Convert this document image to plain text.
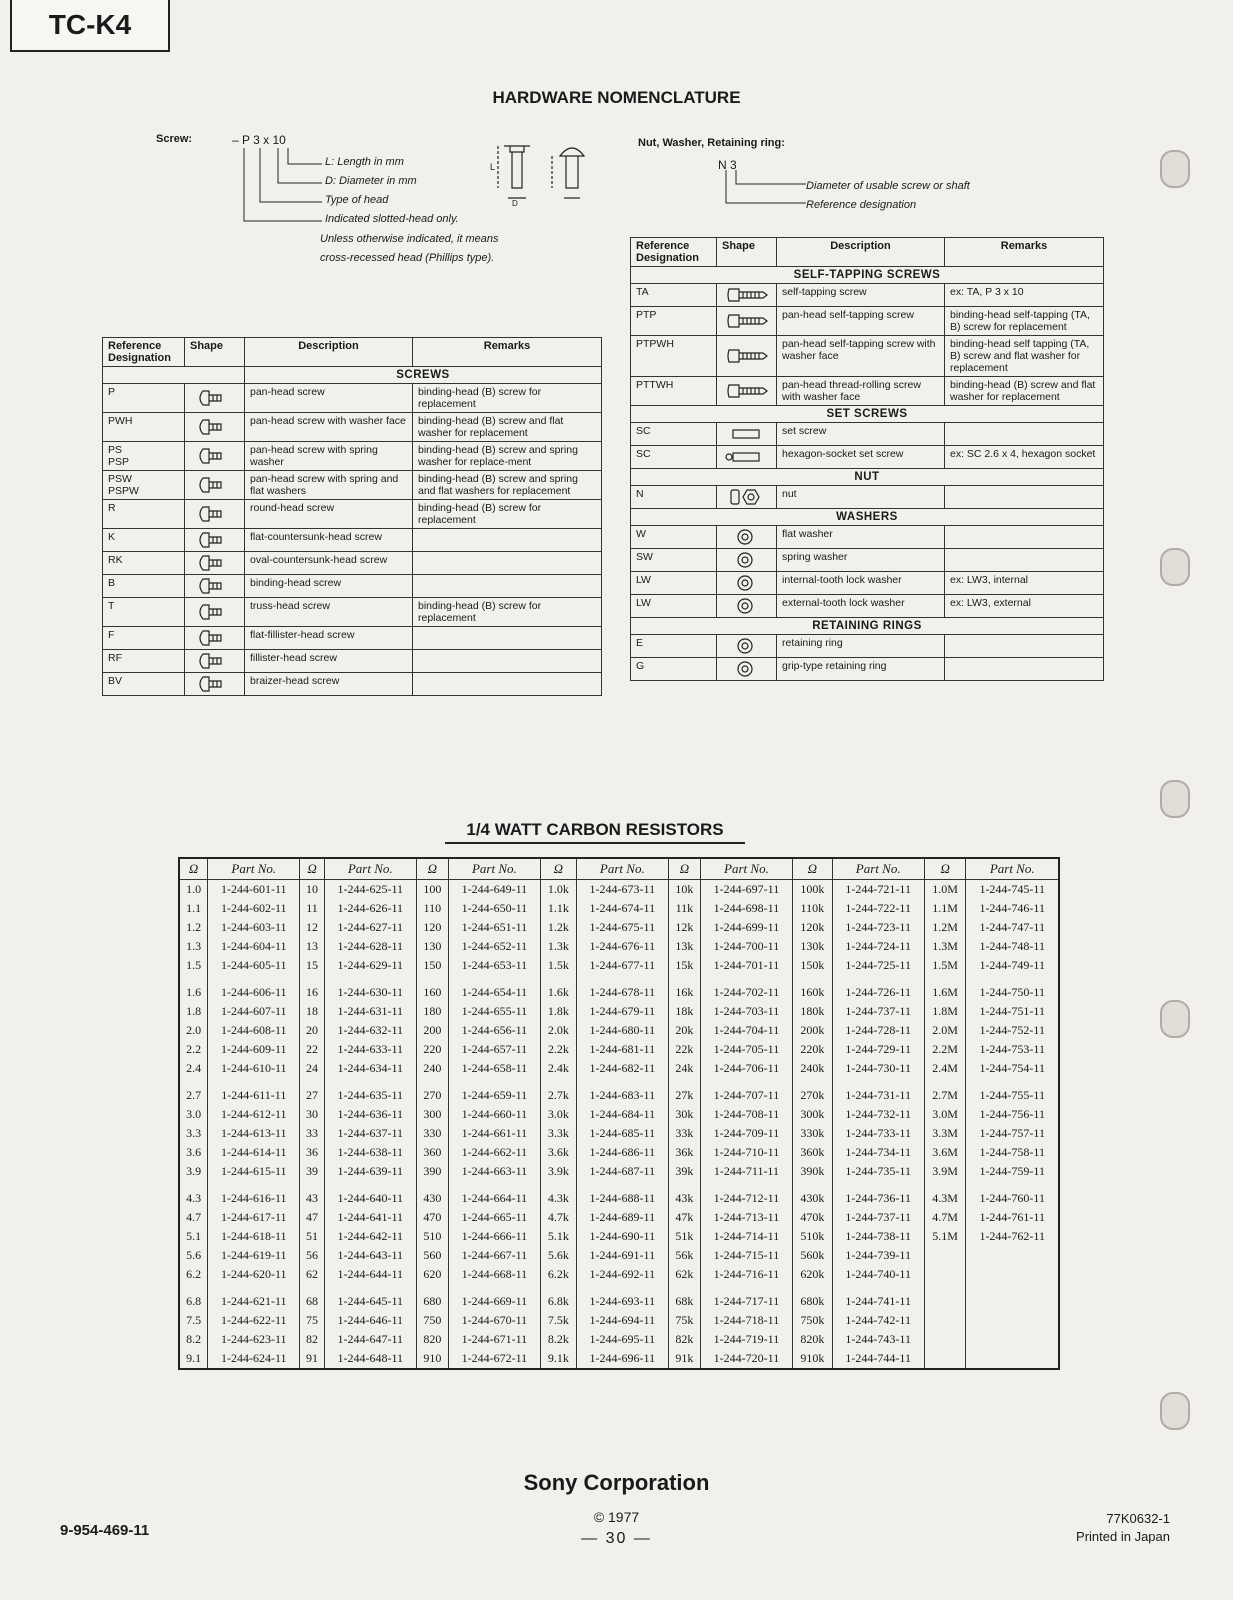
TC-K4
HARDWARE NOMENCLATURE
Screw:	– P 3 x 10
L: Length in mm
D: Diameter in mm
Type of head
Indicated slotted-head only.
Unless otherwise indicated, it means
cross-recessed head (Phillips type).
L
D
Nut, Washer, Retaining ring:
N 3
Diameter of usable screw or shaft
Reference designation
Reference Designation	Shape	Description	Remarks
		SCREWS	
P		pan-head screw	binding-head (B) screw for replacement
PWH		pan-head screw with washer face	binding-head (B) screw and flat washer for replacement
PS
PSP		pan-head screw with spring washer	binding-head (B) screw and spring washer for replace-ment
PSW
PSPW		pan-head screw with spring and flat washers	binding-head (B) screw and spring and flat washers for replacement
R		round-head screw	binding-head (B) screw for replacement
K		flat-countersunk-head screw	
RK		oval-countersunk-head screw	
B		binding-head screw	
T		truss-head screw	binding-head (B) screw for replacement
F		flat-fillister-head screw	
RF		fillister-head screw	
BV		braizer-head screw	
Reference Designation	Shape	Description	Remarks
SELF-TAPPING SCREWS			
TA		self-tapping screw	ex: TA, P 3 x 10
PTP		pan-head self-tapping screw	binding-head self-tapping (TA, B) screw for replacement
PTPWH		pan-head self-tapping screw with washer face	binding-head self tapping (TA, B) screw and flat washer for replacement
PTTWH		pan-head thread-rolling screw with washer face	binding-head (B) screw and flat washer for replacement
SET SCREWS			
SC		set screw	
SC		hexagon-socket set screw	ex: SC 2.6 x 4, hexagon socket
NUT			
N		nut	
WASHERS			
W		flat washer	
SW		spring washer	
LW		internal-tooth lock washer	ex: LW3, internal
LW		external-tooth lock washer	ex: LW3, external
RETAINING RINGS			
E		retaining ring	
G		grip-type retaining ring	
1/4 WATT CARBON RESISTORS
Ω	Part No.	Ω	Part No.	Ω	Part No.	Ω	Part No.	Ω	Part No.	Ω	Part No.	Ω	Part No.
1.0	1-244-601-11	10	1-244-625-11	100	1-244-649-11	1.0k	1-244-673-11	10k	1-244-697-11	100k	1-244-721-11	1.0M	1-244-745-11
1.1	1-244-602-11	11	1-244-626-11	110	1-244-650-11	1.1k	1-244-674-11	11k	1-244-698-11	110k	1-244-722-11	1.1M	1-244-746-11
1.2	1-244-603-11	12	1-244-627-11	120	1-244-651-11	1.2k	1-244-675-11	12k	1-244-699-11	120k	1-244-723-11	1.2M	1-244-747-11
1.3	1-244-604-11	13	1-244-628-11	130	1-244-652-11	1.3k	1-244-676-11	13k	1-244-700-11	130k	1-244-724-11	1.3M	1-244-748-11
1.5	1-244-605-11	15	1-244-629-11	150	1-244-653-11	1.5k	1-244-677-11	15k	1-244-701-11	150k	1-244-725-11	1.5M	1-244-749-11
1.6	1-244-606-11	16	1-244-630-11	160	1-244-654-11	1.6k	1-244-678-11	16k	1-244-702-11	160k	1-244-726-11	1.6M	1-244-750-11
1.8	1-244-607-11	18	1-244-631-11	180	1-244-655-11	1.8k	1-244-679-11	18k	1-244-703-11	180k	1-244-737-11	1.8M	1-244-751-11
2.0	1-244-608-11	20	1-244-632-11	200	1-244-656-11	2.0k	1-244-680-11	20k	1-244-704-11	200k	1-244-728-11	2.0M	1-244-752-11
2.2	1-244-609-11	22	1-244-633-11	220	1-244-657-11	2.2k	1-244-681-11	22k	1-244-705-11	220k	1-244-729-11	2.2M	1-244-753-11
2.4	1-244-610-11	24	1-244-634-11	240	1-244-658-11	2.4k	1-244-682-11	24k	1-244-706-11	240k	1-244-730-11	2.4M	1-244-754-11
2.7	1-244-611-11	27	1-244-635-11	270	1-244-659-11	2.7k	1-244-683-11	27k	1-244-707-11	270k	1-244-731-11	2.7M	1-244-755-11
3.0	1-244-612-11	30	1-244-636-11	300	1-244-660-11	3.0k	1-244-684-11	30k	1-244-708-11	300k	1-244-732-11	3.0M	1-244-756-11
3.3	1-244-613-11	33	1-244-637-11	330	1-244-661-11	3.3k	1-244-685-11	33k	1-244-709-11	330k	1-244-733-11	3.3M	1-244-757-11
3.6	1-244-614-11	36	1-244-638-11	360	1-244-662-11	3.6k	1-244-686-11	36k	1-244-710-11	360k	1-244-734-11	3.6M	1-244-758-11
3.9	1-244-615-11	39	1-244-639-11	390	1-244-663-11	3.9k	1-244-687-11	39k	1-244-711-11	390k	1-244-735-11	3.9M	1-244-759-11
4.3	1-244-616-11	43	1-244-640-11	430	1-244-664-11	4.3k	1-244-688-11	43k	1-244-712-11	430k	1-244-736-11	4.3M	1-244-760-11
4.7	1-244-617-11	47	1-244-641-11	470	1-244-665-11	4.7k	1-244-689-11	47k	1-244-713-11	470k	1-244-737-11	4.7M	1-244-761-11
5.1	1-244-618-11	51	1-244-642-11	510	1-244-666-11	5.1k	1-244-690-11	51k	1-244-714-11	510k	1-244-738-11	5.1M	1-244-762-11
5.6	1-244-619-11	56	1-244-643-11	560	1-244-667-11	5.6k	1-244-691-11	56k	1-244-715-11	560k	1-244-739-11		
6.2	1-244-620-11	62	1-244-644-11	620	1-244-668-11	6.2k	1-244-692-11	62k	1-244-716-11	620k	1-244-740-11		
6.8	1-244-621-11	68	1-244-645-11	680	1-244-669-11	6.8k	1-244-693-11	68k	1-244-717-11	680k	1-244-741-11		
7.5	1-244-622-11	75	1-244-646-11	750	1-244-670-11	7.5k	1-244-694-11	75k	1-244-718-11	750k	1-244-742-11		
8.2	1-244-623-11	82	1-244-647-11	820	1-244-671-11	8.2k	1-244-695-11	82k	1-244-719-11	820k	1-244-743-11		
9.1	1-244-624-11	91	1-244-648-11	910	1-244-672-11	9.1k	1-244-696-11	91k	1-244-720-11	910k	1-244-744-11		
Sony Corporation
© 1977
— 30 —
9-954-469-11
77K0632-1
Printed in Japan
